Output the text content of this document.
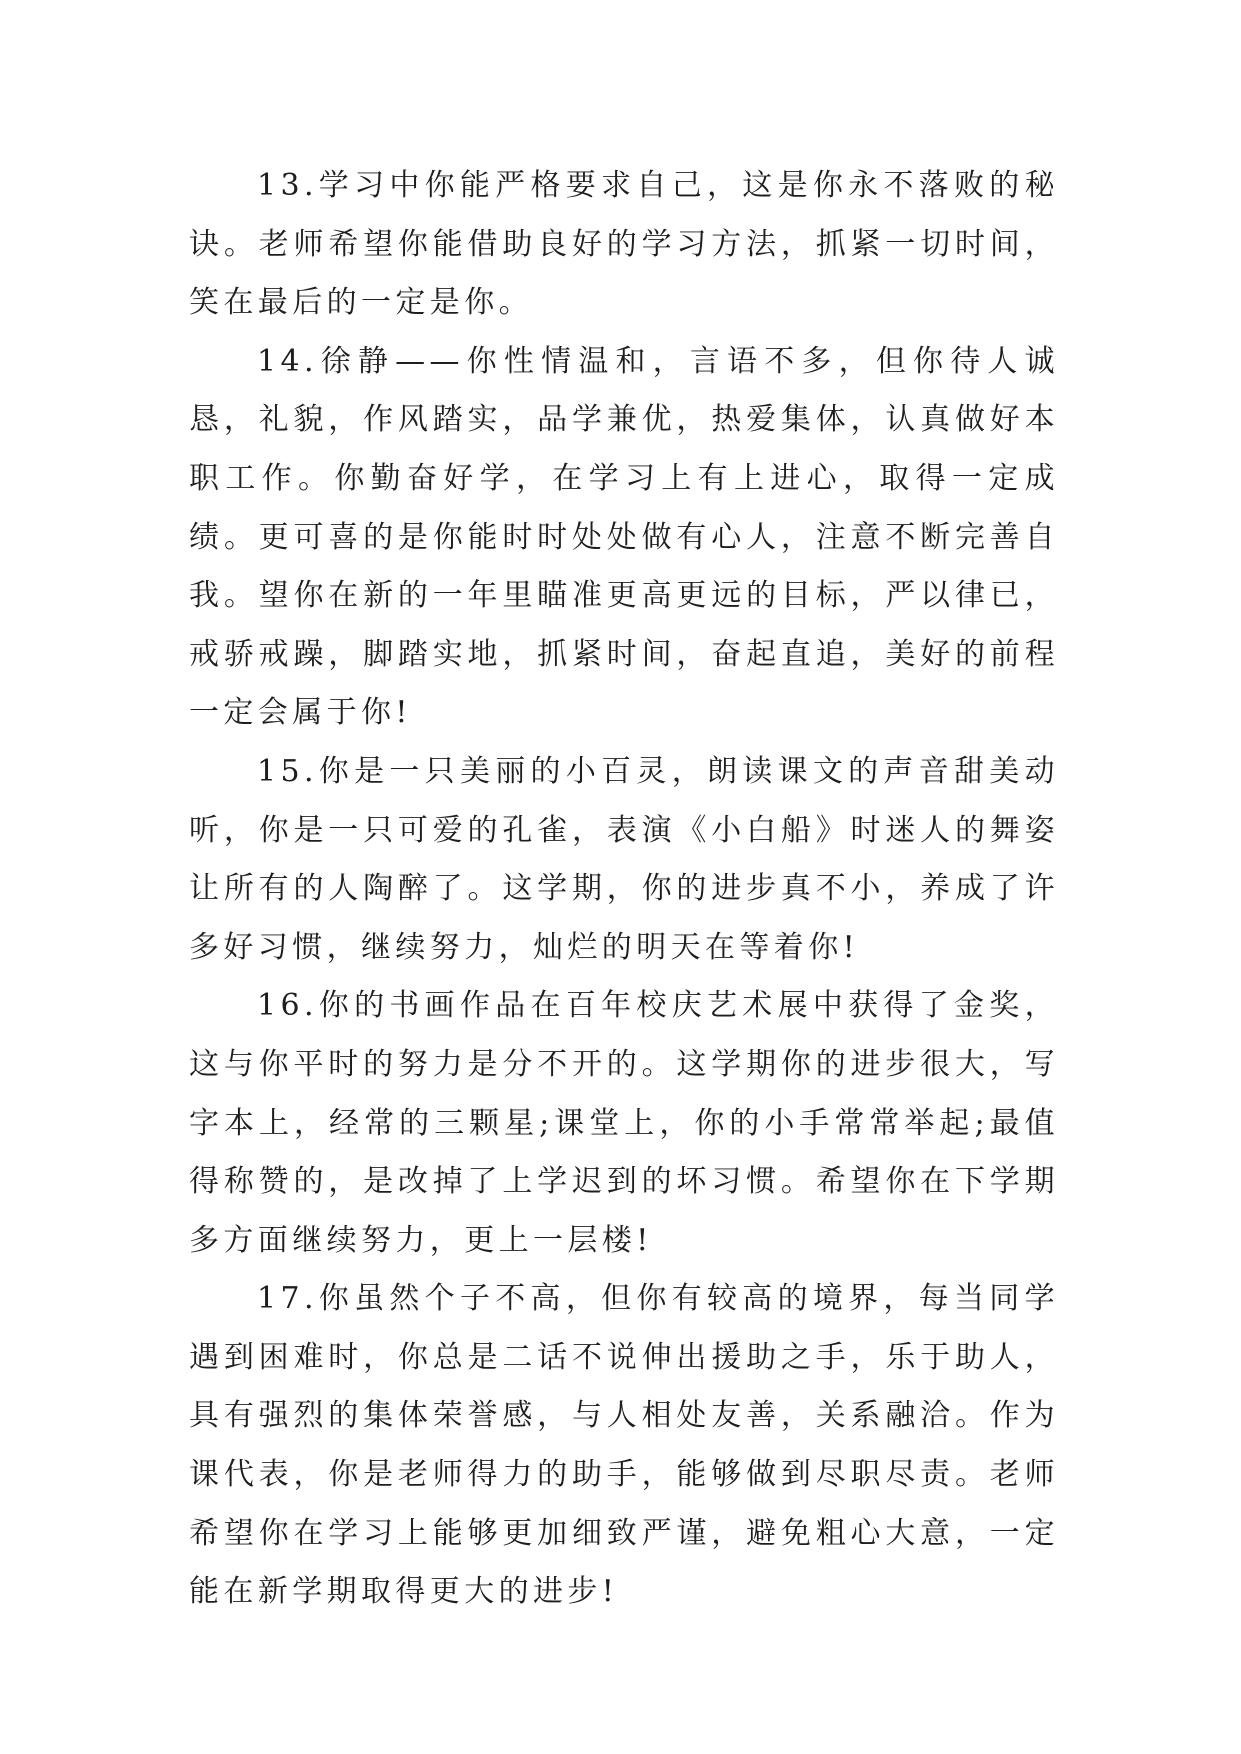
13.学习中你能严格要求自己，这是你永不落败的秘诀。老师希望你能借助良好的学习方法，抓紧一切时间，笑在最后的一定是你。

14.徐静——你性情温和，言语不多，但你待人诚恳，礼貌，作风踏实，品学兼优，热爱集体，认真做好本职工作。你勤奋好学，在学习上有上进心，取得一定成绩。更可喜的是你能时时处处做有心人，注意不断完善自我。望你在新的一年里瞄准更高更远的目标，严以律已，戒骄戒躁，脚踏实地，抓紧时间，奋起直追，美好的前程一定会属于你!

15.你是一只美丽的小百灵，朗读课文的声音甜美动听，你是一只可爱的孔雀，表演《小白船》时迷人的舞姿让所有的人陶醉了。这学期，你的进步真不小，养成了许多好习惯，继续努力，灿烂的明天在等着你!

16.你的书画作品在百年校庆艺术展中获得了金奖，这与你平时的努力是分不开的。这学期你的进步很大，写字本上，经常的三颗星;课堂上，你的小手常常举起;最值得称赞的，是改掉了上学迟到的坏习惯。希望你在下学期多方面继续努力，更上一层楼!

17.你虽然个子不高，但你有较高的境界，每当同学遇到困难时，你总是二话不说伸出援助之手，乐于助人，具有强烈的集体荣誉感，与人相处友善，关系融洽。作为课代表，你是老师得力的助手，能够做到尽职尽责。老师希望你在学习上能够更加细致严谨，避免粗心大意，一定能在新学期取得更大的进步!
